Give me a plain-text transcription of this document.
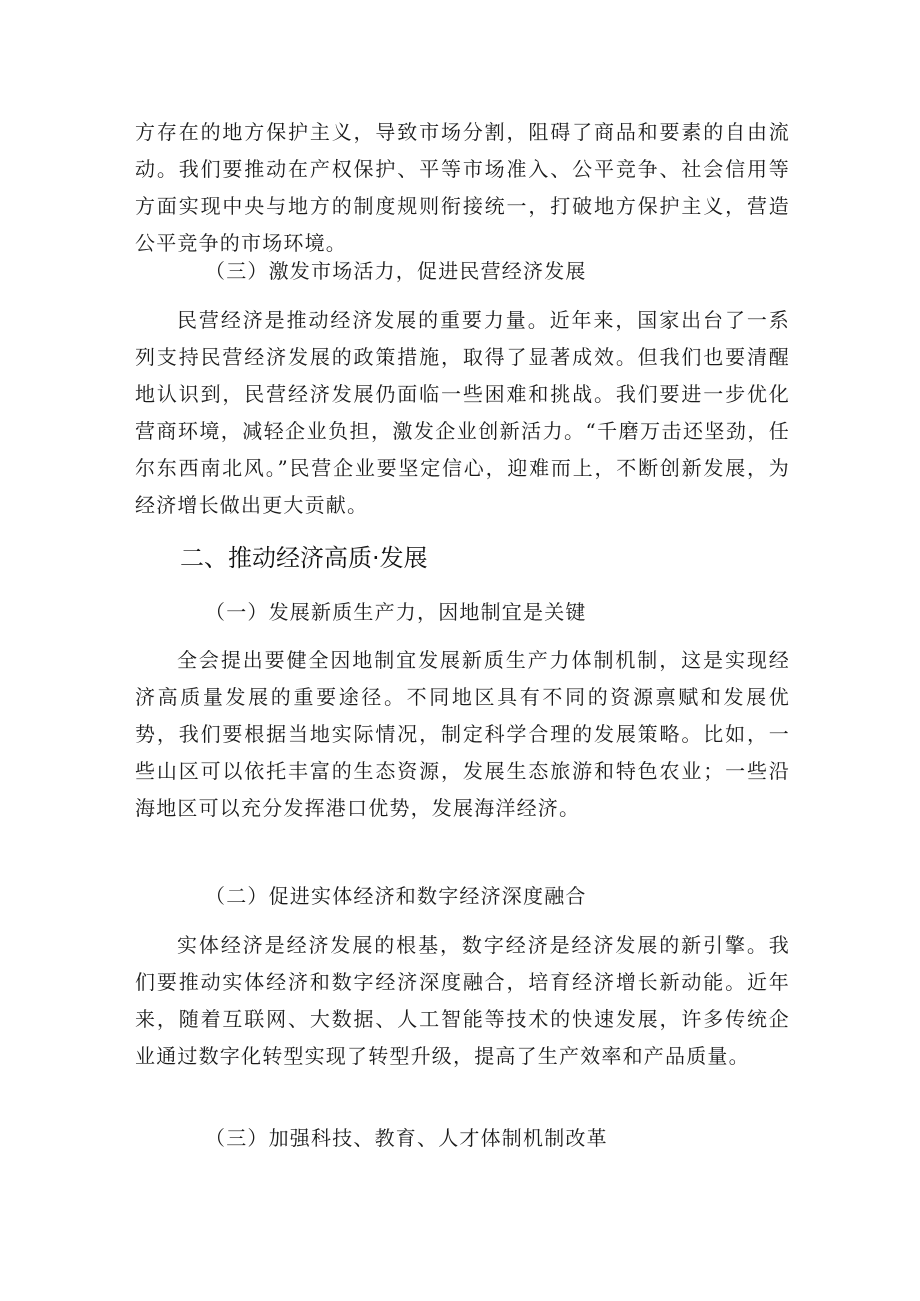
方存在的地方保护主义，导致市场分割，阻碍了商品和要素的自由流动。我们要推动在产权保护、平等市场准入、公平竞争、社会信用等方面实现中央与地方的制度规则衔接统一，打破地方保护主义，营造公平竞争的市场环境。

（三）激发市场活力，促进民营经济发展

民营经济是推动经济发展的重要力量。近年来，国家出台了一系列支持民营经济发展的政策措施，取得了显著成效。但我们也要清醒地认识到，民营经济发展仍面临一些困难和挑战。我们要进一步优化营商环境，减轻企业负担，激发企业创新活力。“千磨万击还坚劲，任尔东西南北风。”民营企业要坚定信心，迎难而上，不断创新发展，为经济增长做出更大贡献。

二、推动经济高质·发展

（一）发展新质生产力，因地制宜是关键

全会提出要健全因地制宜发展新质生产力体制机制，这是实现经济高质量发展的重要途径。不同地区具有不同的资源禀赋和发展优势，我们要根据当地实际情况，制定科学合理的发展策略。比如，一些山区可以依托丰富的生态资源，发展生态旅游和特色农业；一些沿海地区可以充分发挥港口优势，发展海洋经济。

（二）促进实体经济和数字经济深度融合

实体经济是经济发展的根基，数字经济是经济发展的新引擎。我们要推动实体经济和数字经济深度融合，培育经济增长新动能。近年来，随着互联网、大数据、人工智能等技术的快速发展，许多传统企业通过数字化转型实现了转型升级，提高了生产效率和产品质量。

（三）加强科技、教育、人才体制机制改革
